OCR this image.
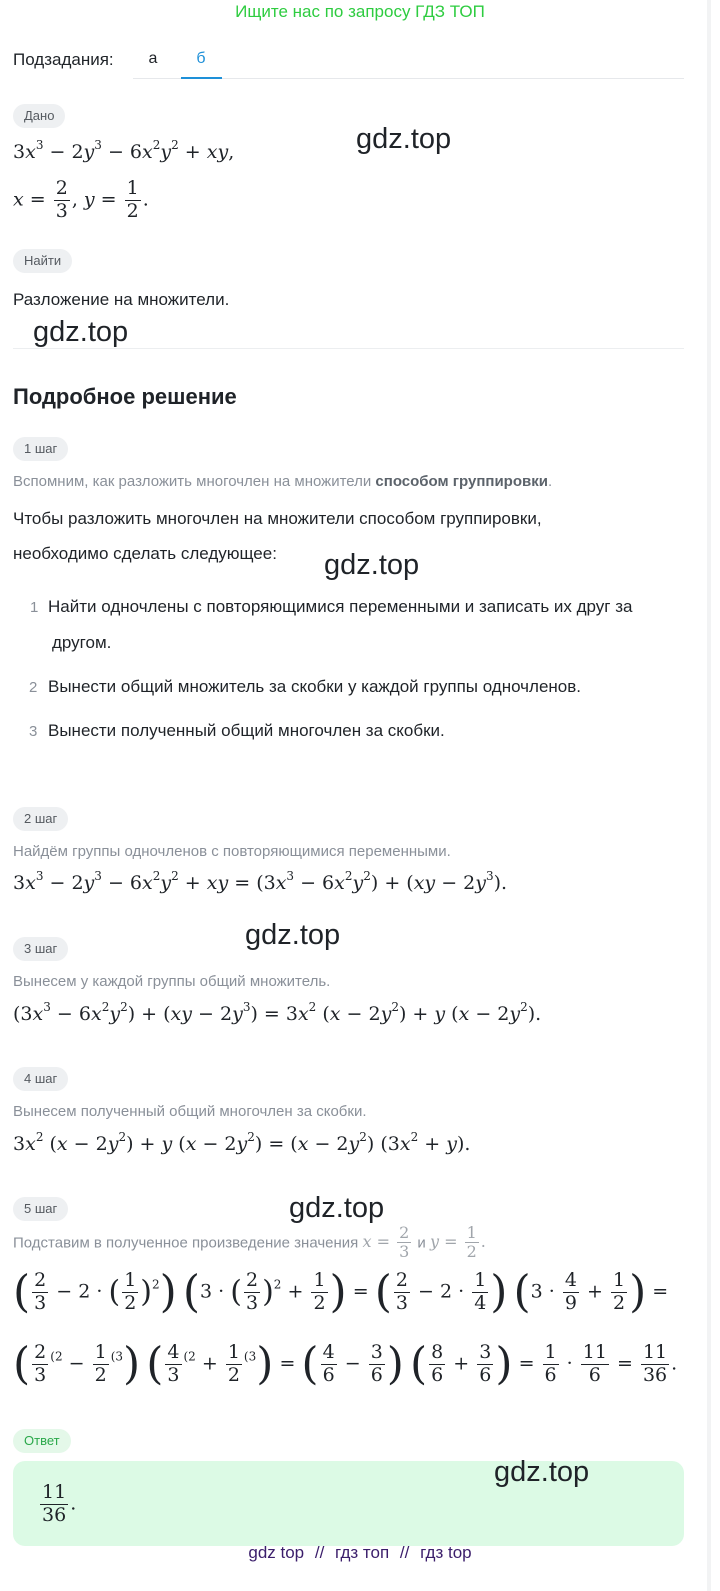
Ищите нас по запросу ГДЗ ТОП
Подзадания:	а	б
Дано
$3x^3 - 2y^3 - 6x^2y^2$ + xy,
$x = \frac{2}{3}$ , $y = \frac{1}{2}$ .
gdz.top
Найти
Разложение на множители.
gdz.top
Подробное решение
1 шаг
Вспомним, как разложить многочлен на множители способом группировки.
Чтобы разложить многочлен на множители способом группировки,
необходимо сделать следующее: gdz.top
1 Найти одночлены с повторяющимися переменными и записать их друг за
другом.
2 Вынести общий множитель за скобки у каждой группы одночленов.
3 Вынести полученный общий многочлен за скобки.
2 шаг
Найдём группы одночленов с повторяющимися переменными.
$3x^3 - 2y^3 - 6x^2y^2$ + xy = $(3x^3 - 6x^2y^2) + (xy - 2y^3)$.
3 шаг	gdz.top
Вынесем у каждой группы общий множитель.
$(3x^3 - 6x^2y^2) + (xy - 2y^3) = 3x^2$ $(x - 2y^2) + y$ $(x - 2y^2)$.
4 шаг
Вынесем полученный общий многочлен за скобки.
$3x^2$ $(x - 2y^2) + y$ $(x - 2y^2) = (x - 2y^2)$ $(3x^2 + y)$.
5 шаг	gdz.top
Подставим в полученное произведение значения $x = \frac{2}{3}$ и $y = \frac{1}{2}$ .
( $\frac{2}{3} - 2$ · ( $\frac{1}{2} )^2$) (3 · ( $\frac{2}{3} )^2 + \frac{1}{2}$ ) = ( $\frac{2}{3} - 2 \cdot \frac{1}{4}$ ) ($3 \cdot \frac{4}{9} + \frac{1}{2}$ ) =
( $\frac{2}{3} ^{(2} - \frac{1}{2} ^{(3}$) ( $\frac{4}{3} ^{(2} + \frac{1}{2} ^{(3}$) = ( $\frac{4}{6} - \frac{3}{6}$ ) ( $\frac{8}{6} + \frac{3}{6}$ ) = $\frac{1}{6} \cdot \frac{11}{6} = \frac{11}{36}$ .
Ответ
$\frac{11}{36}$ .
gdz.top
gdz top // гдз топ // гдз top
